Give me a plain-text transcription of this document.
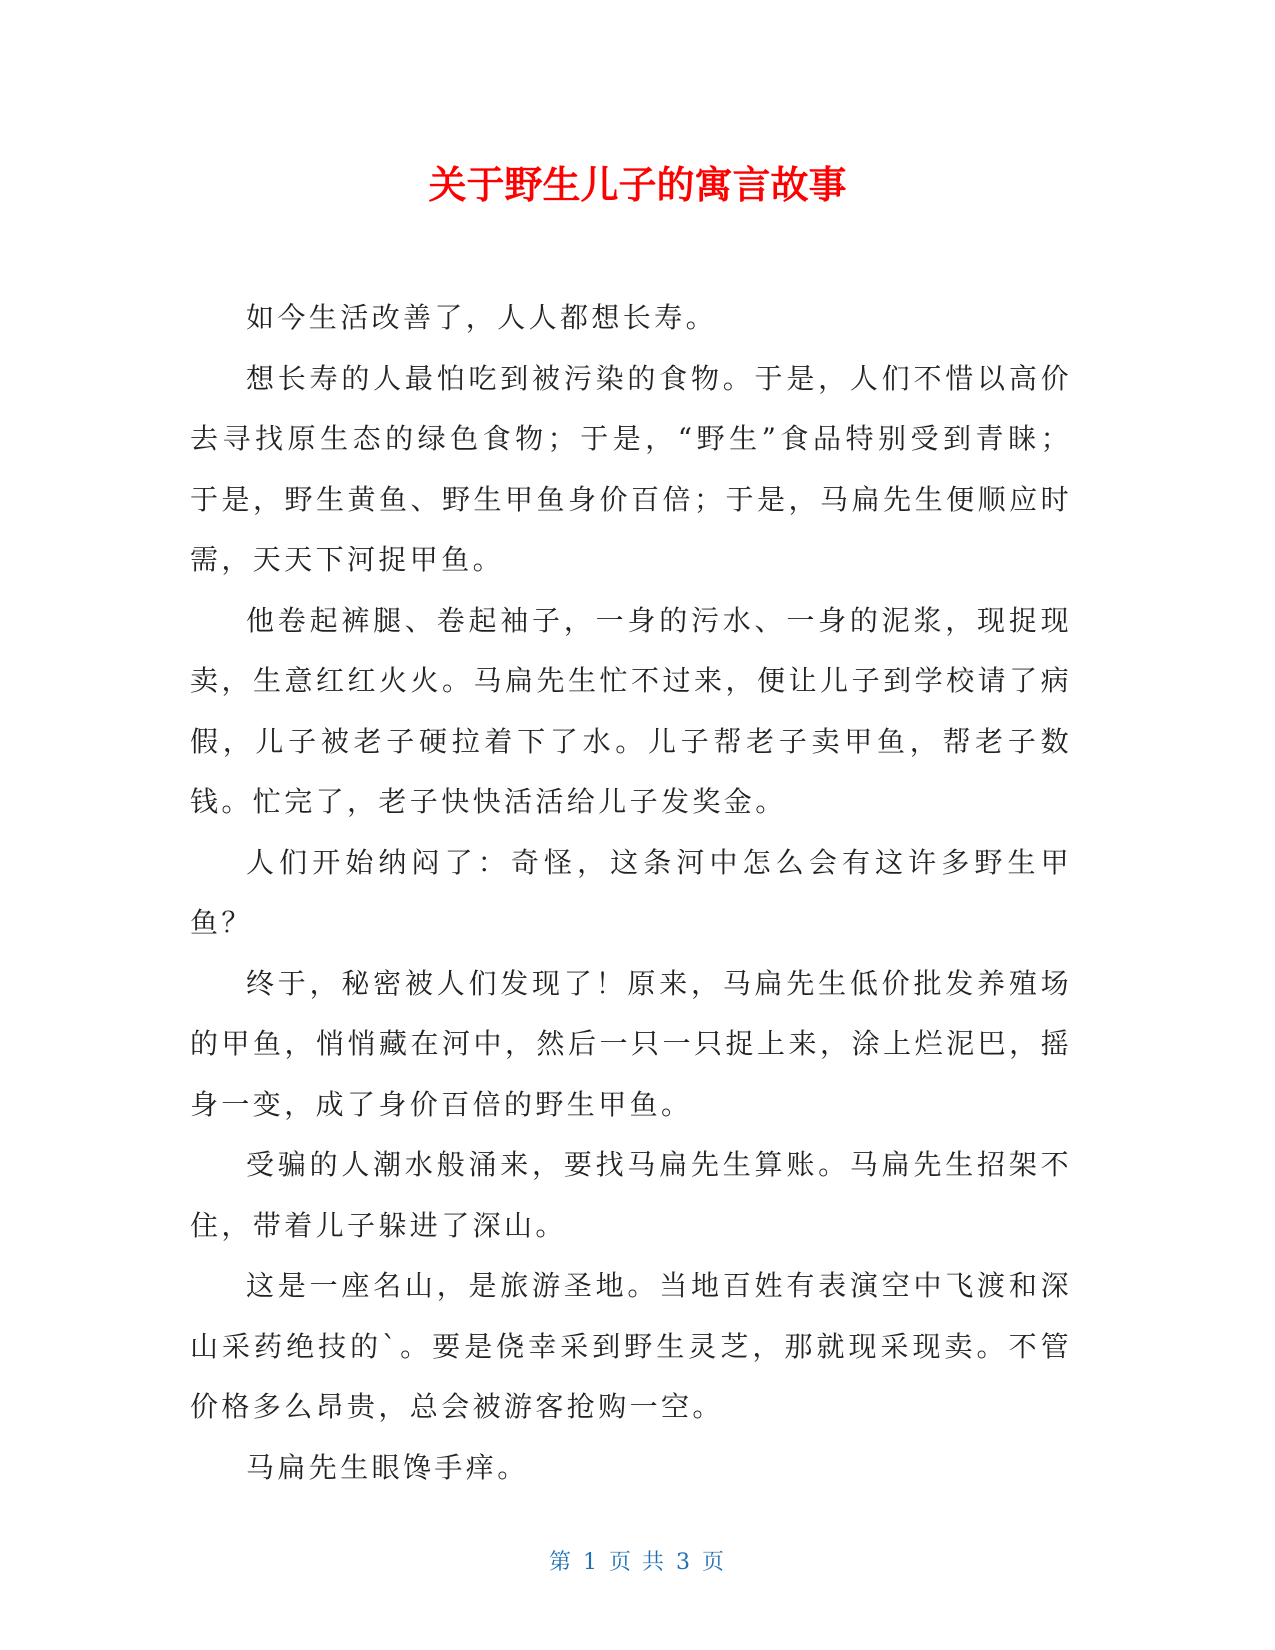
关于野生儿子的寓言故事

如今生活改善了，人人都想长寿。

想长寿的人最怕吃到被污染的食物。于是，人们不惜以高价去寻找原生态的绿色食物；于是，“野生”食品特别受到青睐；于是，野生黄鱼、野生甲鱼身价百倍；于是，马扁先生便顺应时需，天天下河捉甲鱼。

他卷起裤腿、卷起袖子，一身的污水、一身的泥浆，现捉现卖，生意红红火火。马扁先生忙不过来，便让儿子到学校请了病假，儿子被老子硬拉着下了水。儿子帮老子卖甲鱼，帮老子数钱。忙完了，老子快快活活给儿子发奖金。

人们开始纳闷了：奇怪，这条河中怎么会有这许多野生甲鱼？

终于，秘密被人们发现了！原来，马扁先生低价批发养殖场的甲鱼，悄悄藏在河中，然后一只一只捉上来，涂上烂泥巴，摇身一变，成了身价百倍的野生甲鱼。

受骗的人潮水般涌来，要找马扁先生算账。马扁先生招架不住，带着儿子躲进了深山。

这是一座名山，是旅游圣地。当地百姓有表演空中飞渡和深山采药绝技的`。要是侥幸采到野生灵芝，那就现采现卖。不管价格多么昂贵，总会被游客抢购一空。

马扁先生眼馋手痒。

第 1 页 共 3 页
